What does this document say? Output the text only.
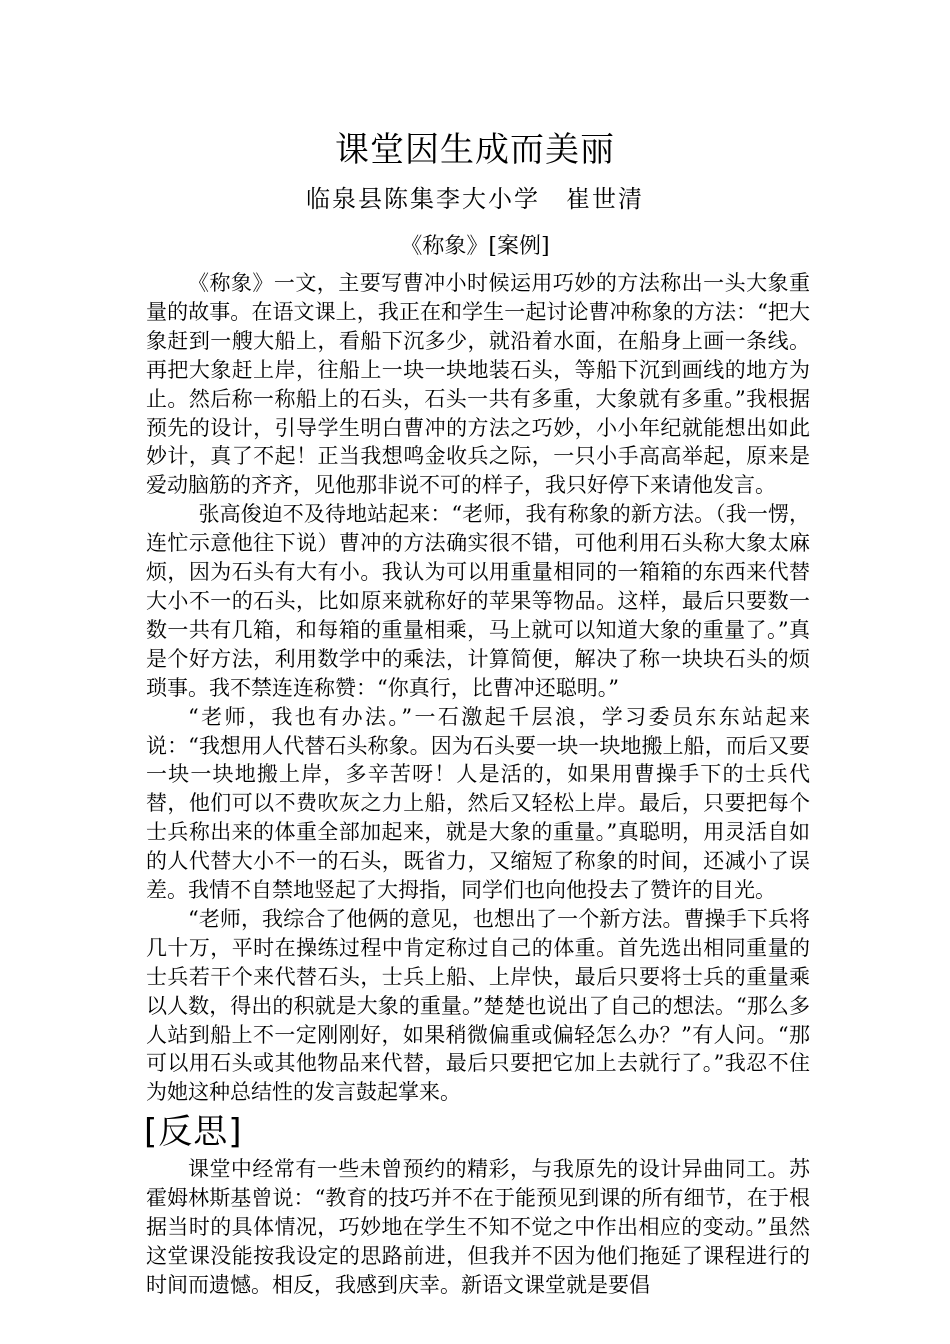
课堂因生成而美丽
临泉县陈集李大小学　崔世清
《称象》[案例]

《称象》一文，主要写曹冲小时候运用巧妙的方法称出一头大象重量的故事。在语文课上，我正在和学生一起讨论曹冲称象的方法：“把大象赶到一艘大船上，看船下沉多少，就沿着水面，在船身上画一条线。再把大象赶上岸，往船上一块一块地装石头，等船下沉到画线的地方为止。然后称一称船上的石头，石头一共有多重，大象就有多重。”我根据预先的设计，引导学生明白曹冲的方法之巧妙，小小年纪就能想出如此妙计，真了不起！正当我想鸣金收兵之际，一只小手高高举起，原来是爱动脑筋的齐齐，见他那非说不可的样子，我只好停下来请他发言。

张高俊迫不及待地站起来：“老师，我有称象的新方法。（我一愣，连忙示意他往下说）曹冲的方法确实很不错，可他利用石头称大象太麻烦，因为石头有大有小。我认为可以用重量相同的一箱箱的东西来代替大小不一的石头，比如原来就称好的苹果等物品。这样，最后只要数一数一共有几箱，和每箱的重量相乘，马上就可以知道大象的重量了。”真是个好方法，利用数学中的乘法，计算简便，解决了称一块块石头的烦琐事。我不禁连连称赞：“你真行，比曹冲还聪明。”

“老师，我也有办法。”一石激起千层浪，学习委员东东站起来说：“我想用人代替石头称象。因为石头要一块一块地搬上船，而后又要一块一块地搬上岸，多辛苦呀！人是活的，如果用曹操手下的士兵代替，他们可以不费吹灰之力上船，然后又轻松上岸。最后，只要把每个士兵称出来的体重全部加起来，就是大象的重量。”真聪明，用灵活自如的人代替大小不一的石头，既省力，又缩短了称象的时间，还减小了误差。我情不自禁地竖起了大拇指，同学们也向他投去了赞许的目光。

“老师，我综合了他俩的意见，也想出了一个新方法。曹操手下兵将几十万，平时在操练过程中肯定称过自己的体重。首先选出相同重量的士兵若干个来代替石头，士兵上船、上岸快，最后只要将士兵的重量乘以人数，得出的积就是大象的重量。”楚楚也说出了自己的想法。“那么多人站到船上不一定刚刚好，如果稍微偏重或偏轻怎么办？”有人问。“那可以用石头或其他物品来代替，最后只要把它加上去就行了。”我忍不住为她这种总结性的发言鼓起掌来。

[反思]

课堂中经常有一些未曾预约的精彩，与我原先的设计异曲同工。苏霍姆林斯基曾说：“教育的技巧并不在于能预见到课的所有细节，在于根据当时的具体情况，巧妙地在学生不知不觉之中作出相应的变动。”虽然这堂课没能按我设定的思路前进，但我并不因为他们拖延了课程进行的时间而遗憾。相反，我感到庆幸。新语文课堂就是要倡
